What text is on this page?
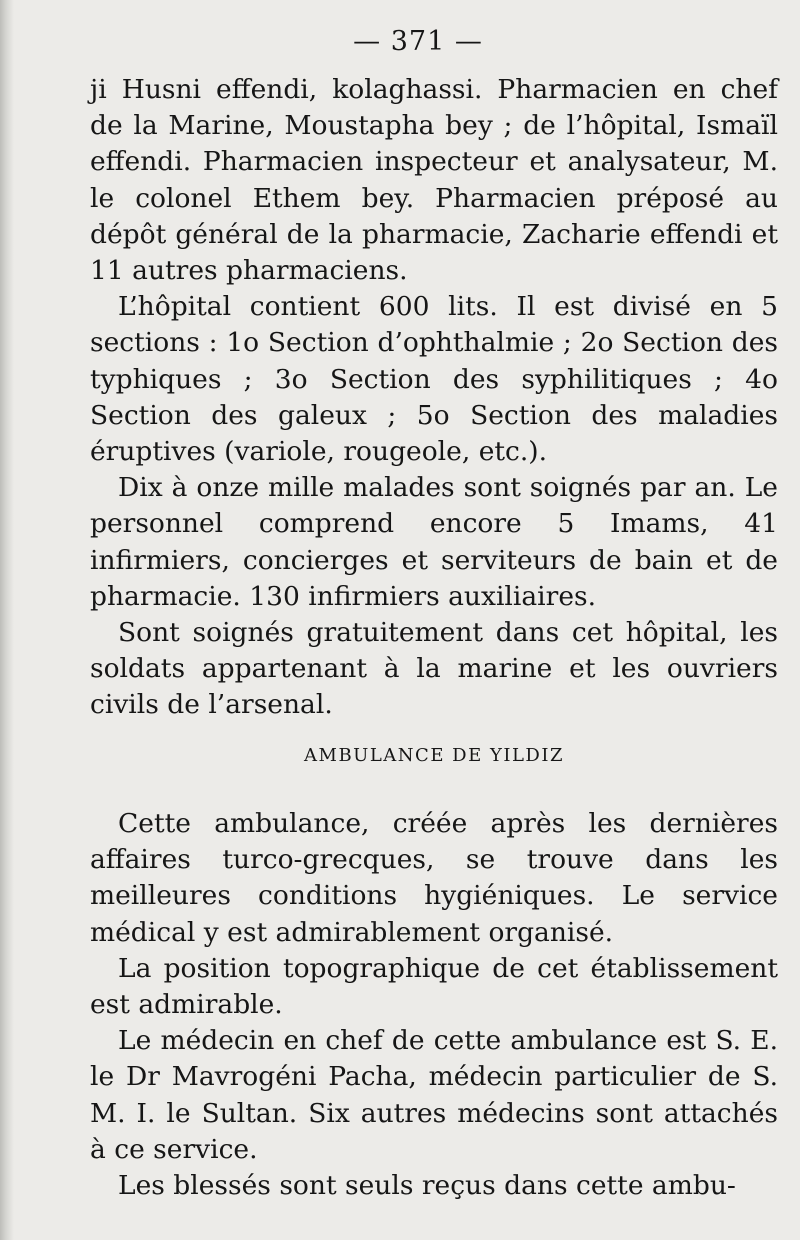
— 371 —

ji Husni effendi, kolaghassi. Pharmacien en chef de la Marine, Moustapha bey ; de l’hôpital, Ismaïl effendi. Pharmacien inspecteur et analysateur, M. le colonel Ethem bey. Pharmacien préposé au dépôt général de la pharmacie, Zacharie effendi et 11 autres pharmaciens.

L’hôpital contient 600 lits. Il est divisé en 5 sections : 1o Section d’ophthalmie ; 2o Section des typhiques ; 3o Section des syphilitiques ; 4o Section des galeux ; 5o Section des maladies éruptives (variole, rougeole, etc.).

Dix à onze mille malades sont soignés par an. Le personnel comprend encore 5 Imams, 41 infirmiers, concierges et serviteurs de bain et de pharmacie. 130 infirmiers auxiliaires.

Sont soignés gratuitement dans cet hôpital, les soldats appartenant à la marine et les ouvriers civils de l’arsenal.

AMBULANCE DE YILDIZ

Cette ambulance, créée après les dernières affaires turco-grecques, se trouve dans les meilleures conditions hygiéniques. Le service médical y est admirablement organisé.

La position topographique de cet établissement est admirable.

Le médecin en chef de cette ambulance est S. E. le Dr Mavrogéni Pacha, médecin particulier de S. M. I. le Sultan. Six autres médecins sont attachés à ce service.

Les blessés sont seuls reçus dans cette ambu-
